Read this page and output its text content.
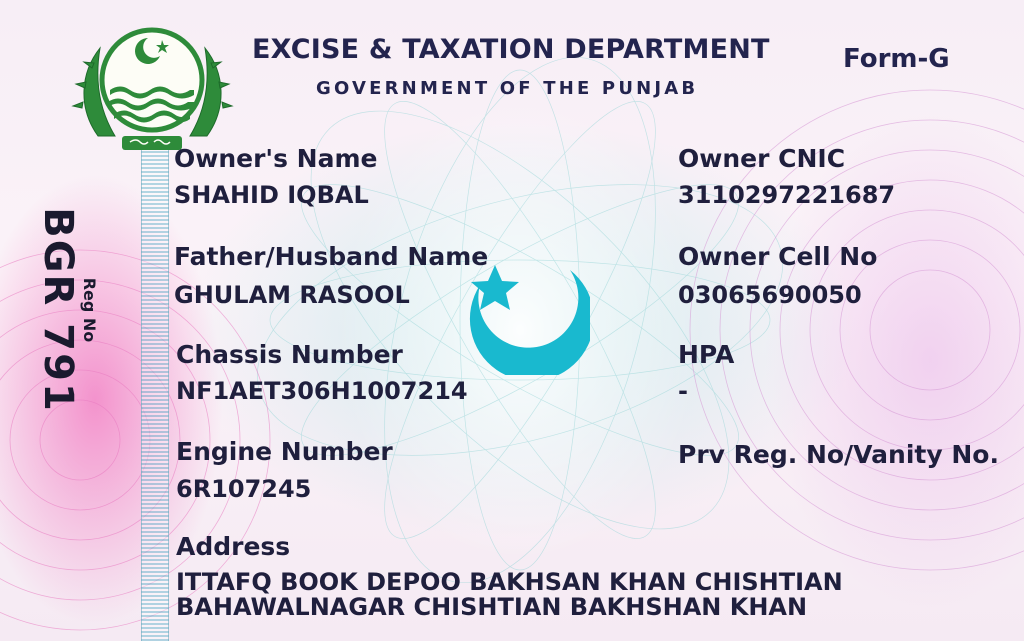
EXCISE & TAXATION DEPARTMENT
GOVERNMENT OF THE PUNJAB
Form-G
Reg No
BGR 791
Owner's Name
SHAHID IQBAL
Owner CNIC
3110297221687
Father/Husband Name
GHULAM RASOOL
Owner Cell No
03065690050
Chassis Number
NF1AET306H1007214
HPA
-
Engine Number
6R107245
Prv Reg. No/Vanity No.
Address
ITTAFQ BOOK DEPOO BAKHSAN KHAN CHISHTIAN
BAHAWALNAGAR CHISHTIAN BAKHSHAN KHAN
